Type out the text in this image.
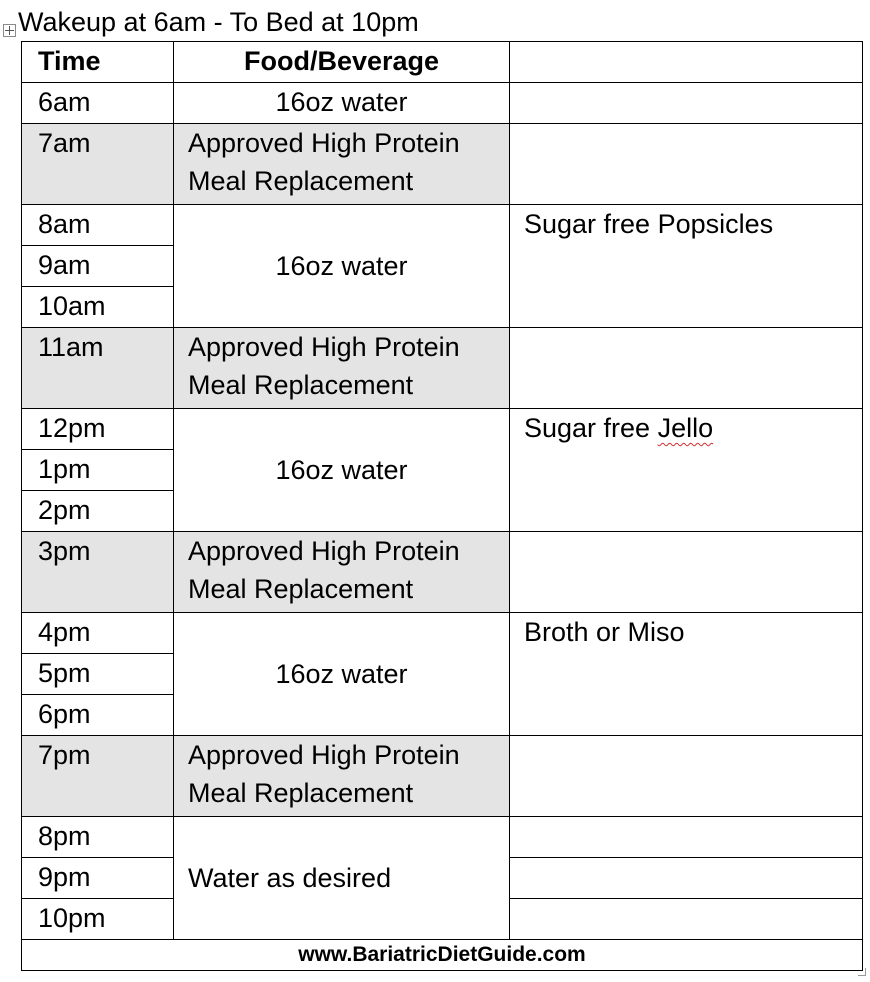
Wakeup at 6am - To Bed at 10pm
Time	Food/Beverage	
6am	16oz water	
7am	Approved High Protein Meal Replacement	
8am	16oz water	Sugar free Popsicles
9am		
10am		
11am	Approved High Protein Meal Replacement	
12pm	16oz water	Sugar free Jello
1pm		
2pm		
3pm	Approved High Protein Meal Replacement	
4pm	16oz water	Broth or Miso
5pm		
6pm		
7pm	Approved High Protein Meal Replacement	
8pm	Water as desired	
9pm		
10pm		
www.BariatricDietGuide.com		
